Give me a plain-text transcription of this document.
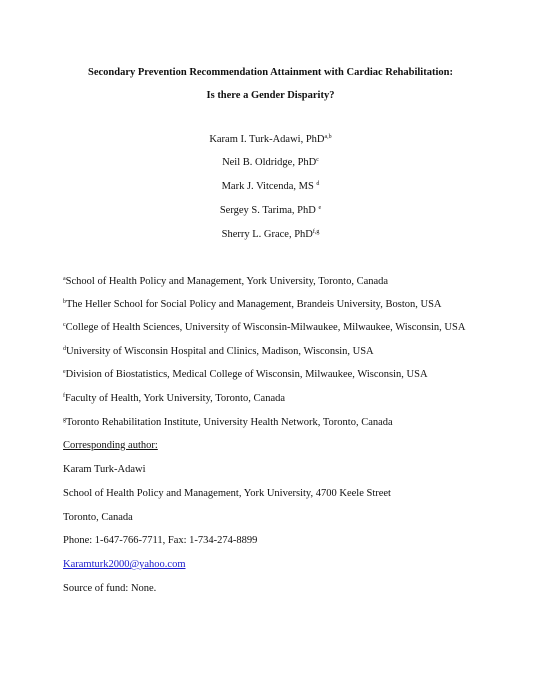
Secondary Prevention Recommendation Attainment with Cardiac Rehabilitation:
Is there a Gender Disparity?
Karam I. Turk-Adawi, PhD$^{a,b}$
Neil B. Oldridge, PhD$^c$
Mark J. Vitcenda, MS $^d$
Sergey S. Tarima, PhD $^e$
Sherry L. Grace, PhD$^{f,g}$
$^a$School of Health Policy and Management, York University, Toronto, Canada
$^b$The Heller School for Social Policy and Management, Brandeis University, Boston, USA
$^c$College of Health Sciences, University of Wisconsin-Milwaukee, Milwaukee, Wisconsin, USA
$^d$University of Wisconsin Hospital and Clinics, Madison, Wisconsin, USA
$^e$Division of Biostatistics, Medical College of Wisconsin, Milwaukee, Wisconsin, USA
$^f$Faculty of Health, York University, Toronto, Canada
$^g$Toronto Rehabilitation Institute, University Health Network, Toronto, Canada
Corresponding author:
Karam Turk-Adawi
School of Health Policy and Management, York University, 4700 Keele Street
Toronto, Canada
Phone: 1-647-766-7711, Fax: 1-734-274-8899
Karamturk2000@yahoo.com
Source of fund: None.
